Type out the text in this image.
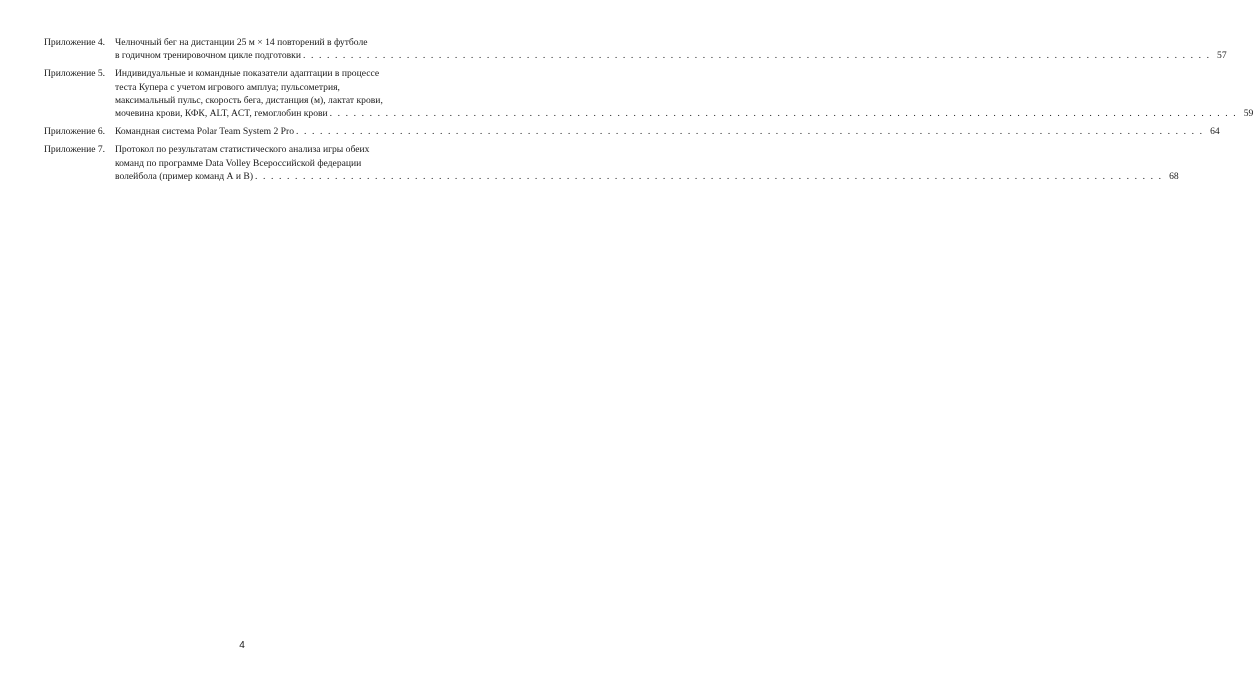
Приложение 4.	Челночный бег на дистанции 25 м × 14 повторений в футболе
в годичном тренировочном цикле подготовки . . .	57
Приложение 5.	Индивидуальные и командные показатели адаптации в процессе
теста Купера с учетом игрового амплуа; пульсометрия,
максимальный пульс, скорость бега, дистанция (м), лактат крови,
мочевина крови, КФК, ALT, ACT, гемоглобин крови . . .	59
Приложение 6.	Командная система Polar Team System 2 Pro . . .	64
Приложение 7.	Протокол по результатам статистического анализа игры обеих
команд по программе Data Volley Всероссийской федерации
волейбола (пример команд А и В) . . .	68
4
